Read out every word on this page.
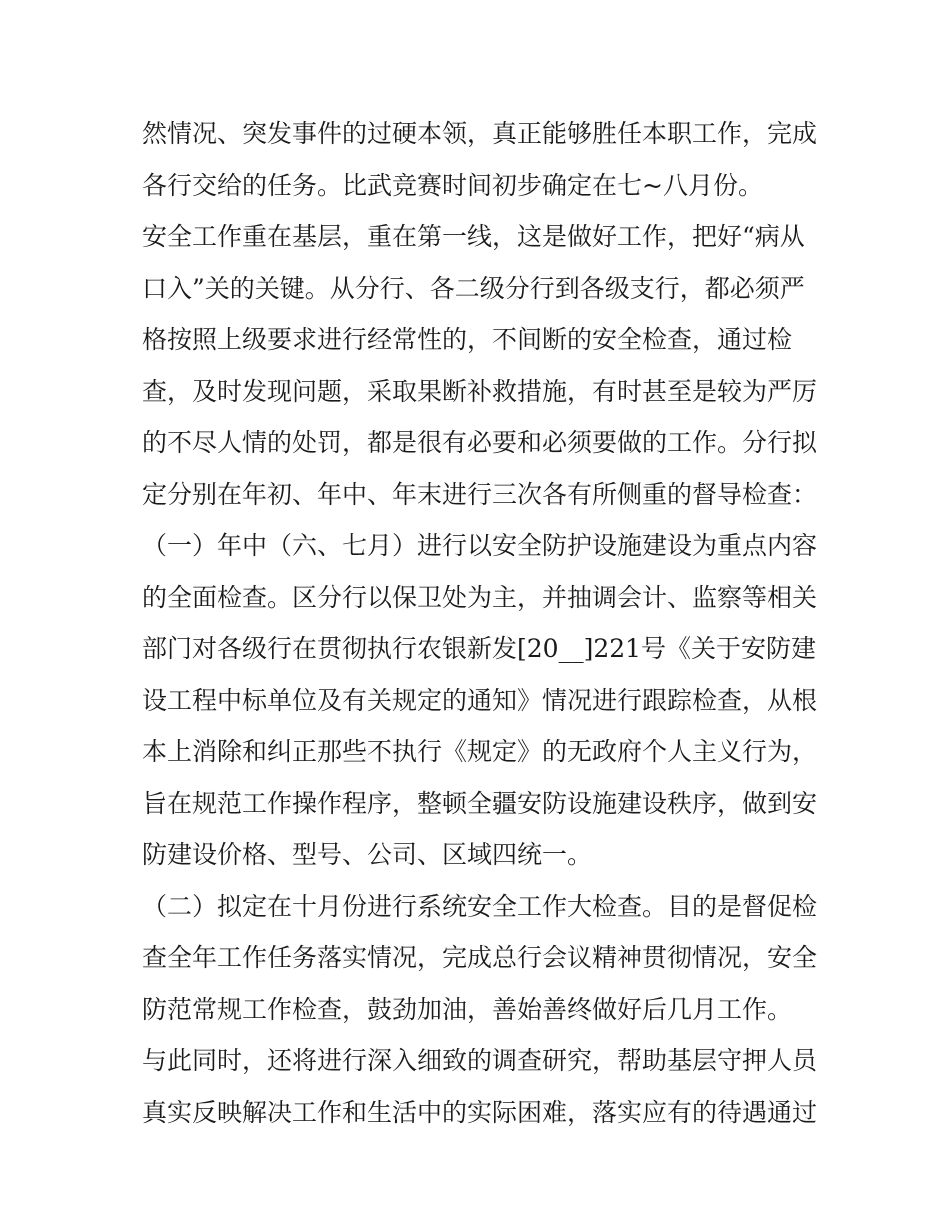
然情况、突发事件的过硬本领，真正能够胜任本职工作，完成
各行交给的任务。比武竞赛时间初步确定在七~八月份。
安全工作重在基层，重在第一线，这是做好工作，把好“病从
口入”关的关键。从分行、各二级分行到各级支行，都必须严
格按照上级要求进行经常性的，不间断的安全检查，通过检
查，及时发现问题，采取果断补救措施，有时甚至是较为严厉
的不尽人情的处罚，都是很有必要和必须要做的工作。分行拟
定分别在年初、年中、年末进行三次各有所侧重的督导检查：
（一）年中（六、七月）进行以安全防护设施建设为重点内容
的全面检查。区分行以保卫处为主，并抽调会计、监察等相关
部门对各级行在贯彻执行农银新发[20__]221号《关于安防建
设工程中标单位及有关规定的通知》情况进行跟踪检查，从根
本上消除和纠正那些不执行《规定》的无政府个人主义行为，
旨在规范工作操作程序，整顿全疆安防设施建设秩序，做到安
防建设价格、型号、公司、区域四统一。
（二）拟定在十月份进行系统安全工作大检查。目的是督促检
查全年工作任务落实情况，完成总行会议精神贯彻情况，安全
防范常规工作检查，鼓劲加油，善始善终做好后几月工作。
与此同时，还将进行深入细致的调查研究，帮助基层守押人员
真实反映解决工作和生活中的实际困难，落实应有的待遇通过
